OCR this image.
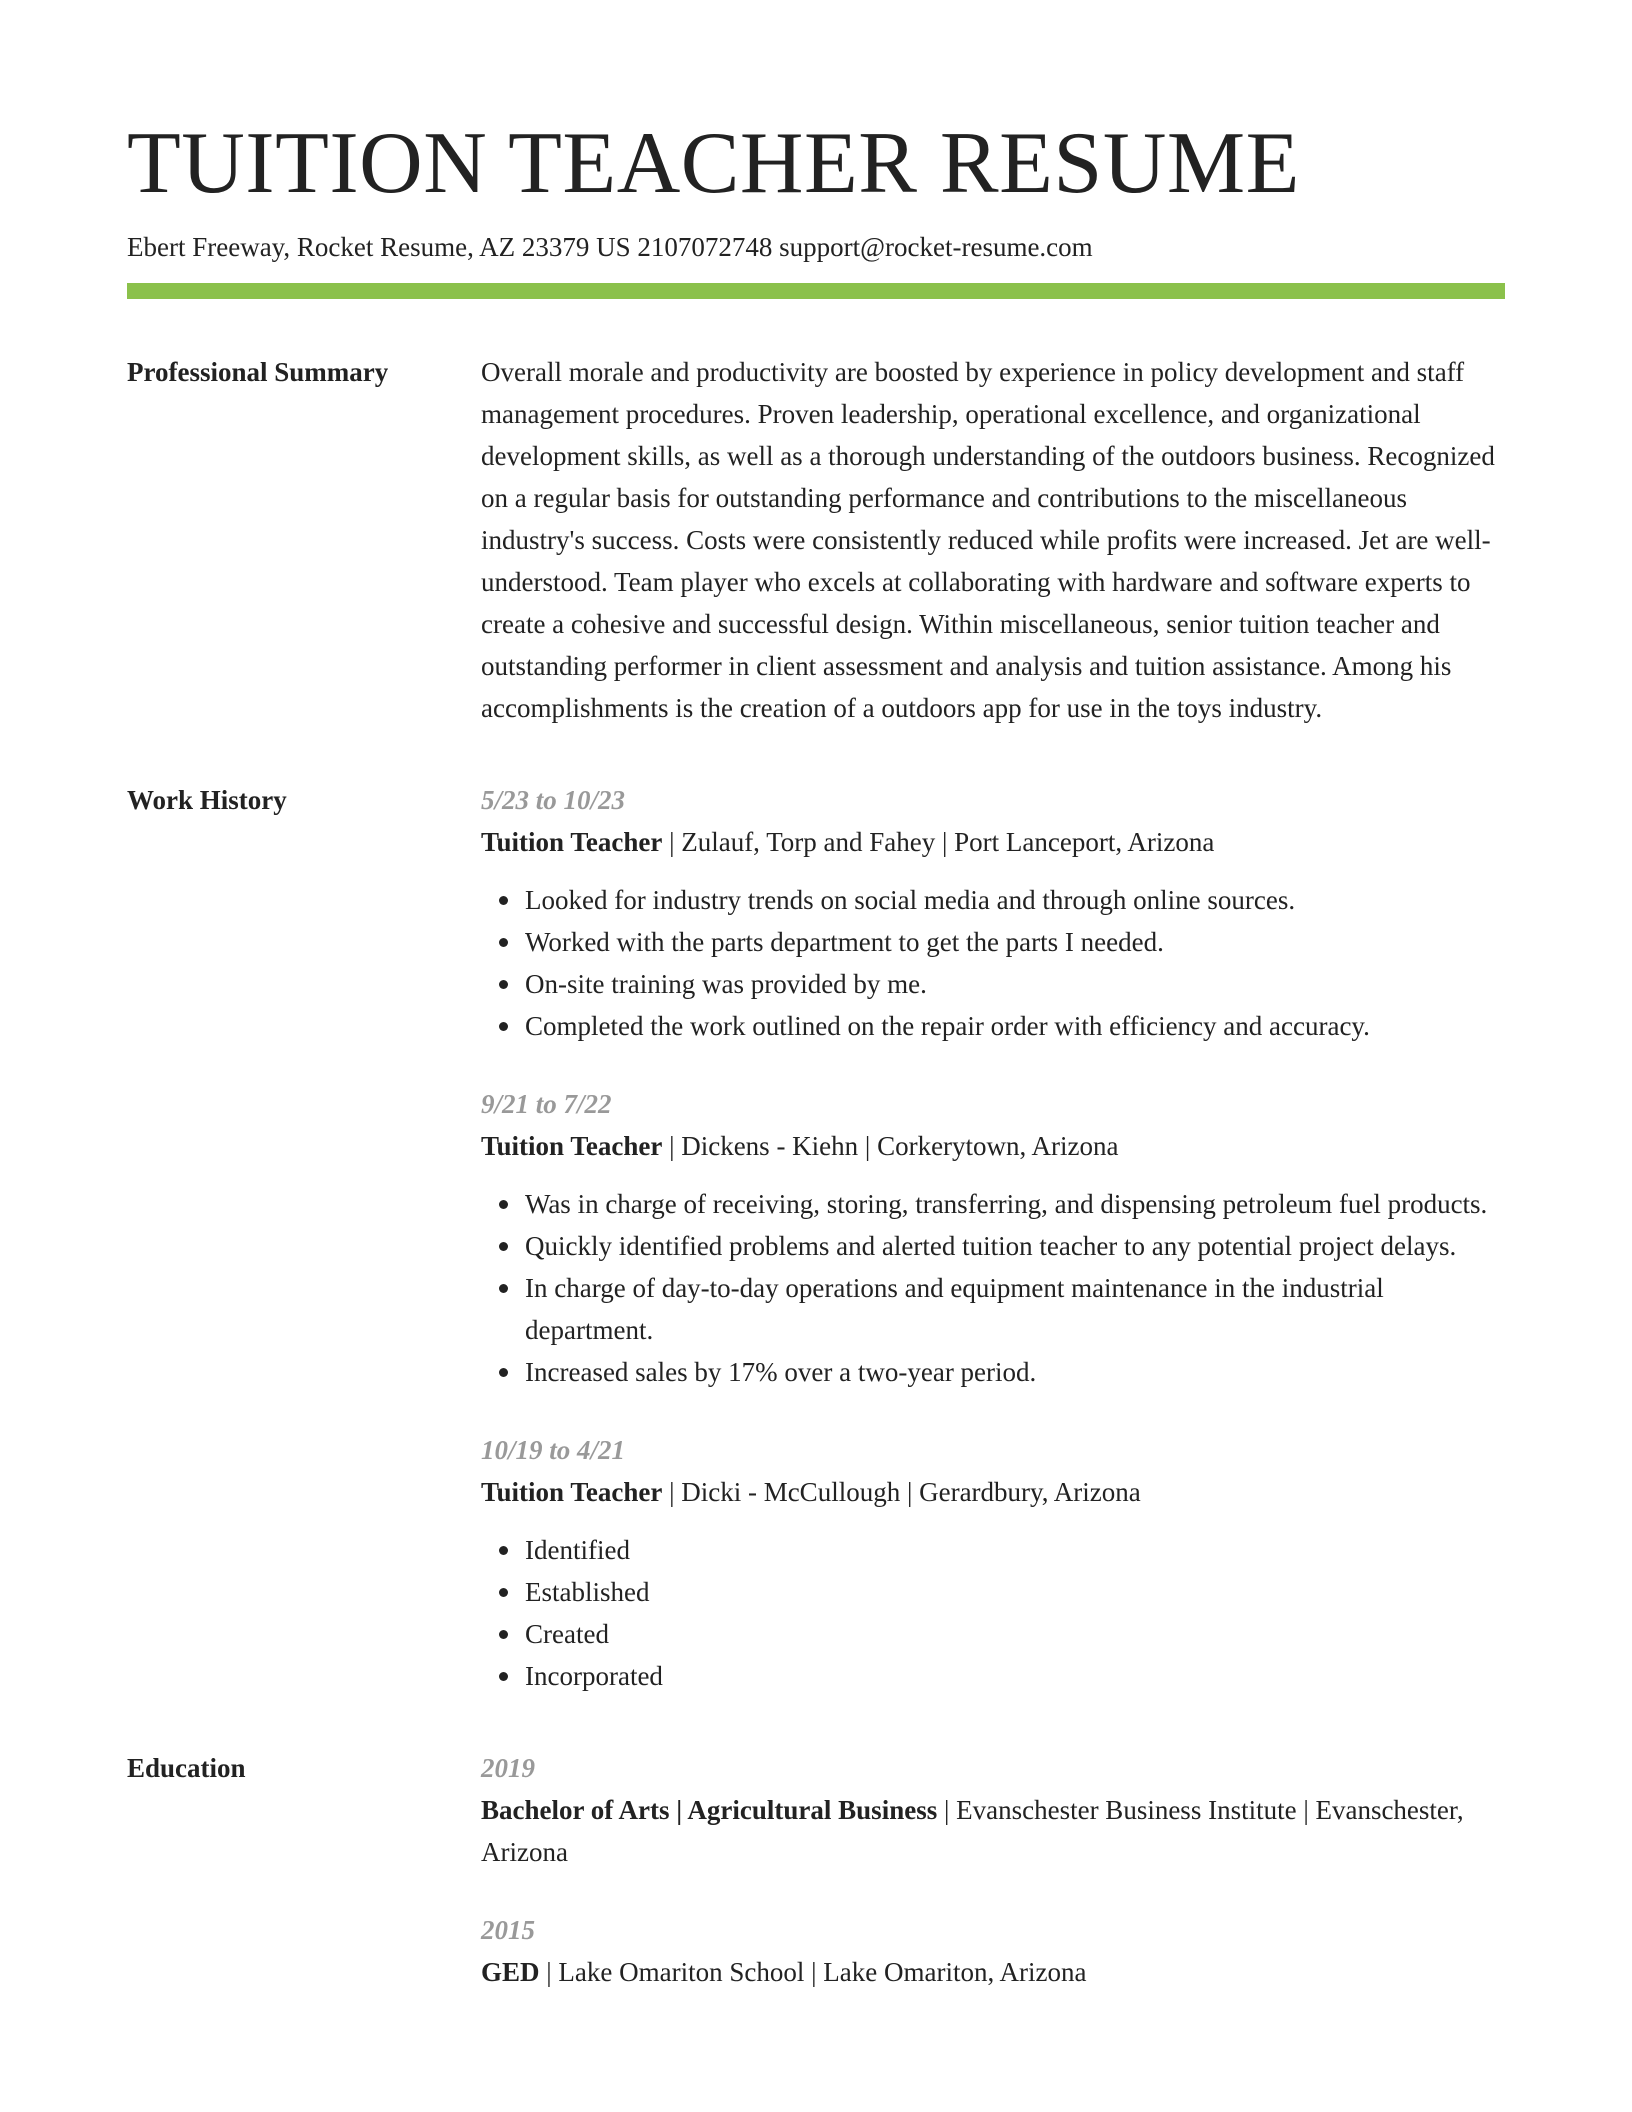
TUITION TEACHER RESUME
Ebert Freeway, Rocket Resume, AZ 23379 US 2107072748 support@rocket-resume.com
Professional Summary	Overall morale and productivity are boosted by experience in policy development and staff management procedures. Proven leadership, operational excellence, and organizational development skills, as well as a thorough understanding of the outdoors business. Recognized on a regular basis for outstanding performance and contributions to the miscellaneous industry's success. Costs were consistently reduced while profits were increased. Jet are well-understood. Team player who excels at collaborating with hardware and software experts to create a cohesive and successful design. Within miscellaneous, senior tuition teacher and outstanding performer in client assessment and analysis and tuition assistance. Among his accomplishments is the creation of a outdoors app for use in the toys industry.

Work History	5/23 to 10/23
Tuition Teacher | Zulauf, Torp and Fahey | Port Lanceport, Arizona
Looked for industry trends on social media and through online sources.
Worked with the parts department to get the parts I needed.
On-site training was provided by me.
Completed the work outlined on the repair order with efficiency and accuracy.
9/21 to 7/22
Tuition Teacher | Dickens - Kiehn | Corkerytown, Arizona
Was in charge of receiving, storing, transferring, and dispensing petroleum fuel products.
Quickly identified problems and alerted tuition teacher to any potential project delays.
In charge of day-to-day operations and equipment maintenance in the industrial department.
Increased sales by 17% over a two-year period.
10/19 to 4/21
Tuition Teacher | Dicki - McCullough | Gerardbury, Arizona
Identified
Established
Created
Incorporated
Education	2019
Bachelor of Arts | Agricultural Business | Evanschester Business Institute | Evanschester, Arizona
2015
GED | Lake Omariton School | Lake Omariton, Arizona
